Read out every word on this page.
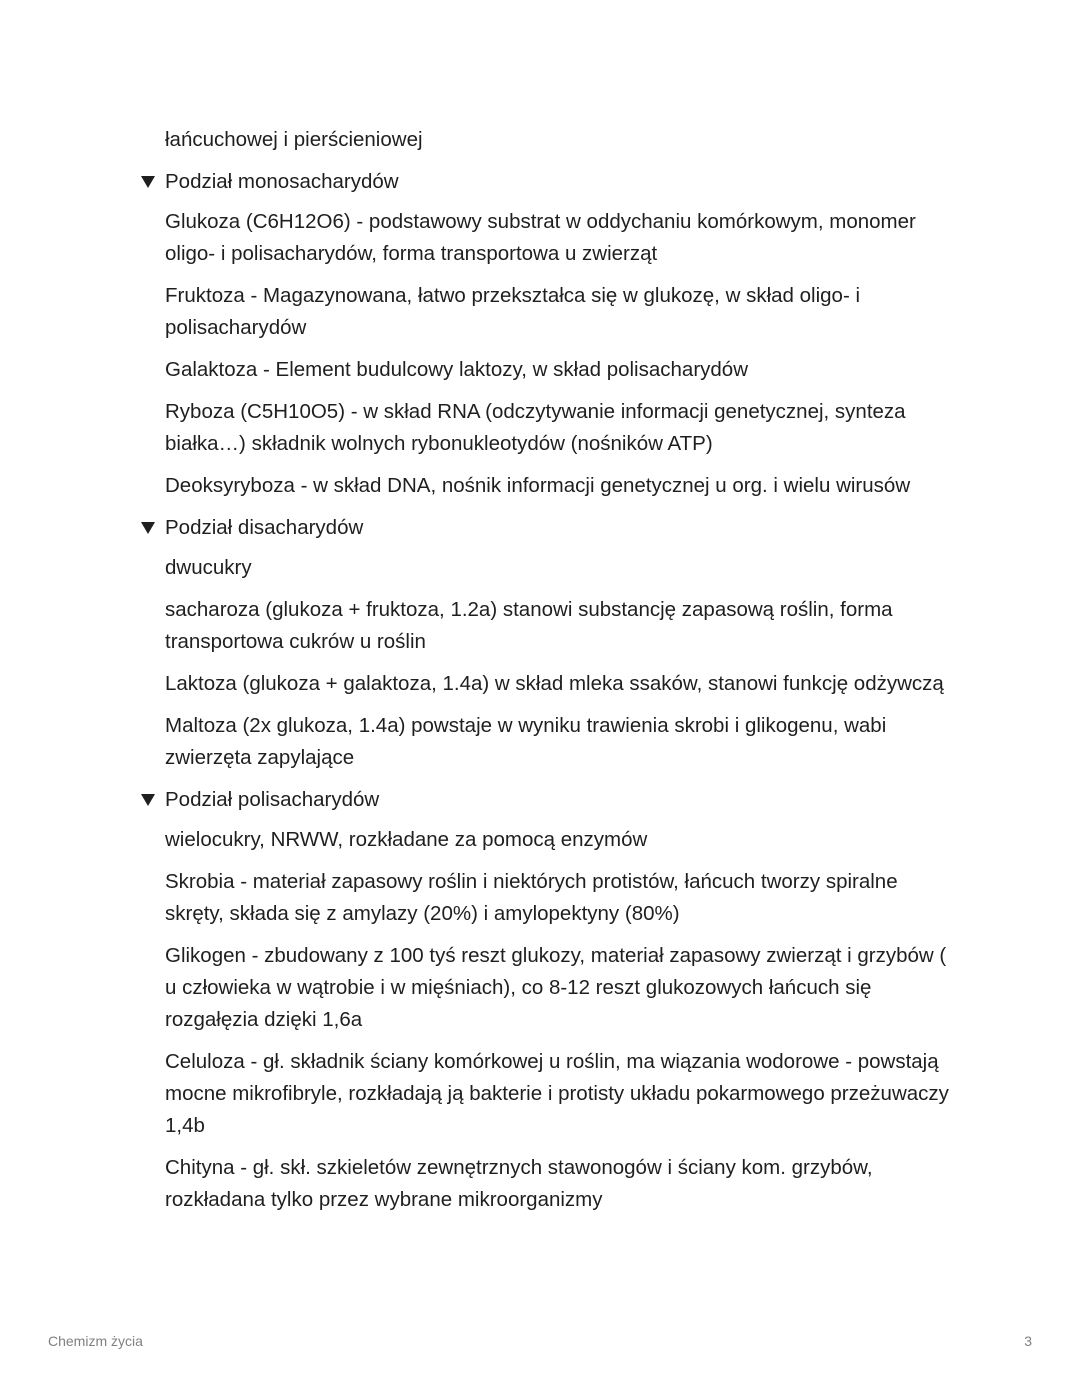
łańcuchowej i pierścieniowej
Podział monosacharydów
Glukoza (C6H12O6) - podstawowy substrat w oddychaniu komórkowym, monomer oligo- i polisacharydów, forma transportowa u zwierząt
Fruktoza - Magazynowana, łatwo przekształca się w glukozę, w skład oligo- i polisacharydów
Galaktoza - Element budulcowy laktozy, w skład polisacharydów
Ryboza (C5H10O5) - w skład RNA (odczytywanie informacji genetycznej, synteza białka…) składnik wolnych rybonukleotydów (nośników ATP)
Deoksyryboza - w skład DNA, nośnik informacji genetycznej u org. i wielu wirusów
Podział disacharydów
dwucukry
sacharoza (glukoza + fruktoza, 1.2a) stanowi substancję zapasową roślin, forma transportowa cukrów u roślin
Laktoza (glukoza + galaktoza, 1.4a) w skład mleka ssaków, stanowi funkcję odżywczą
Maltoza (2x glukoza, 1.4a) powstaje w wyniku trawienia skrobi i glikogenu, wabi zwierzęta zapylające
Podział polisacharydów
wielocukry, NRWW, rozkładane za pomocą enzymów
Skrobia - materiał zapasowy roślin i niektórych protistów, łańcuch tworzy spiralne skręty, składa się z amylazy (20%) i amylopektyny (80%)
Glikogen - zbudowany z 100 tyś reszt glukozy, materiał zapasowy zwierząt i grzybów ( u człowieka w wątrobie i w mięśniach), co 8-12 reszt glukozowych łańcuch się rozgałęzia dzięki 1,6a
Celuloza - gł. składnik ściany komórkowej u roślin, ma wiązania wodorowe - powstają mocne mikrofibryle, rozkładają ją bakterie i protisty układu pokarmowego przeżuwaczy 1,4b
Chityna - gł. skł. szkieletów zewnętrznych stawonogów i ściany kom. grzybów, rozkładana tylko przez wybrane mikroorganizmy
Chemizm życia	3
